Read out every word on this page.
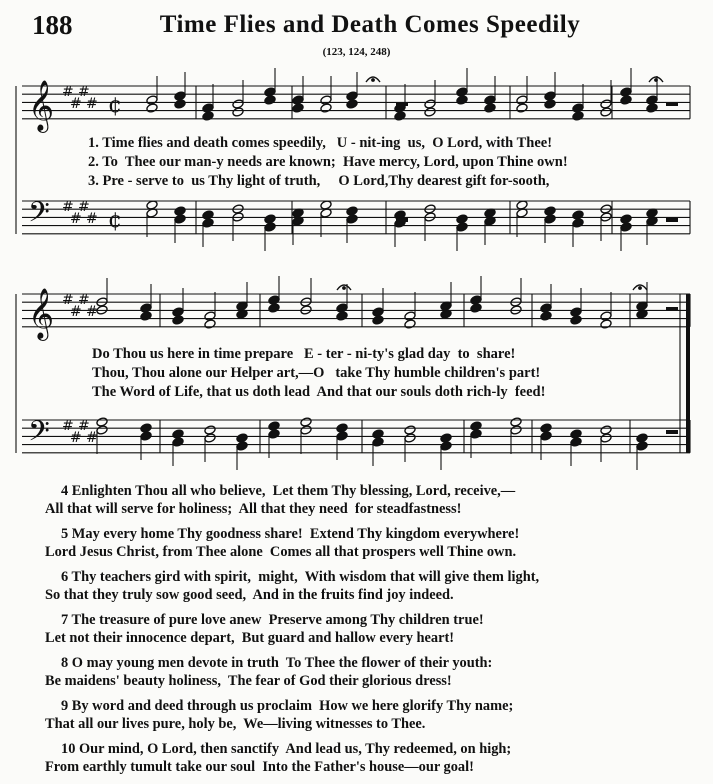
188	Time Flies and Death Comes Speedily
(123, 124, 248)
𝄞 #
#
#
# ¢
𝄢 #
#
#
# ¢
𝄞 #
#
#
#
𝄢 #
#
#
#
1. Time flies and death comes speedily,   U - nit-ing  us,  O Lord, with Thee!
2. To  Thee our man-y needs are known;  Have mercy, Lord, upon Thine own!
3. Pre - serve to  us Thy light of truth,     O Lord,Thy dearest gift for-sooth,
Do Thou us here in time prepare   E - ter - ni-ty's glad day  to  share!
Thou, Thou alone our Helper art,—O   take Thy humble children's part!
The Word of Life, that us doth lead  And that our souls doth rich-ly  feed!
4 Enlighten Thou all who believe,  Let them Thy blessing, Lord, receive,—
All that will serve for holiness;  All that they need  for steadfastness!
5 May every home Thy goodness share!  Extend Thy kingdom everywhere!
Lord Jesus Christ, from Thee alone  Comes all that prospers well Thine own.
6 Thy teachers gird with spirit,  might,  With wisdom that will give them light,
So that they truly sow good seed,  And in the fruits find joy indeed.
7 The treasure of pure love anew  Preserve among Thy children true!
Let not their innocence depart,  But guard and hallow every heart!
8 O may young men devote in truth  To Thee the flower of their youth:
Be maidens' beauty holiness,  The fear of God their glorious dress!
9 By word and deed through us proclaim  How we here glorify Thy name;
That all our lives pure, holy be,  We—living witnesses to Thee.
10 Our mind, O Lord, then sanctify  And lead us, Thy redeemed, on high;
From earthly tumult take our soul  Into the Father's house—our goal!
